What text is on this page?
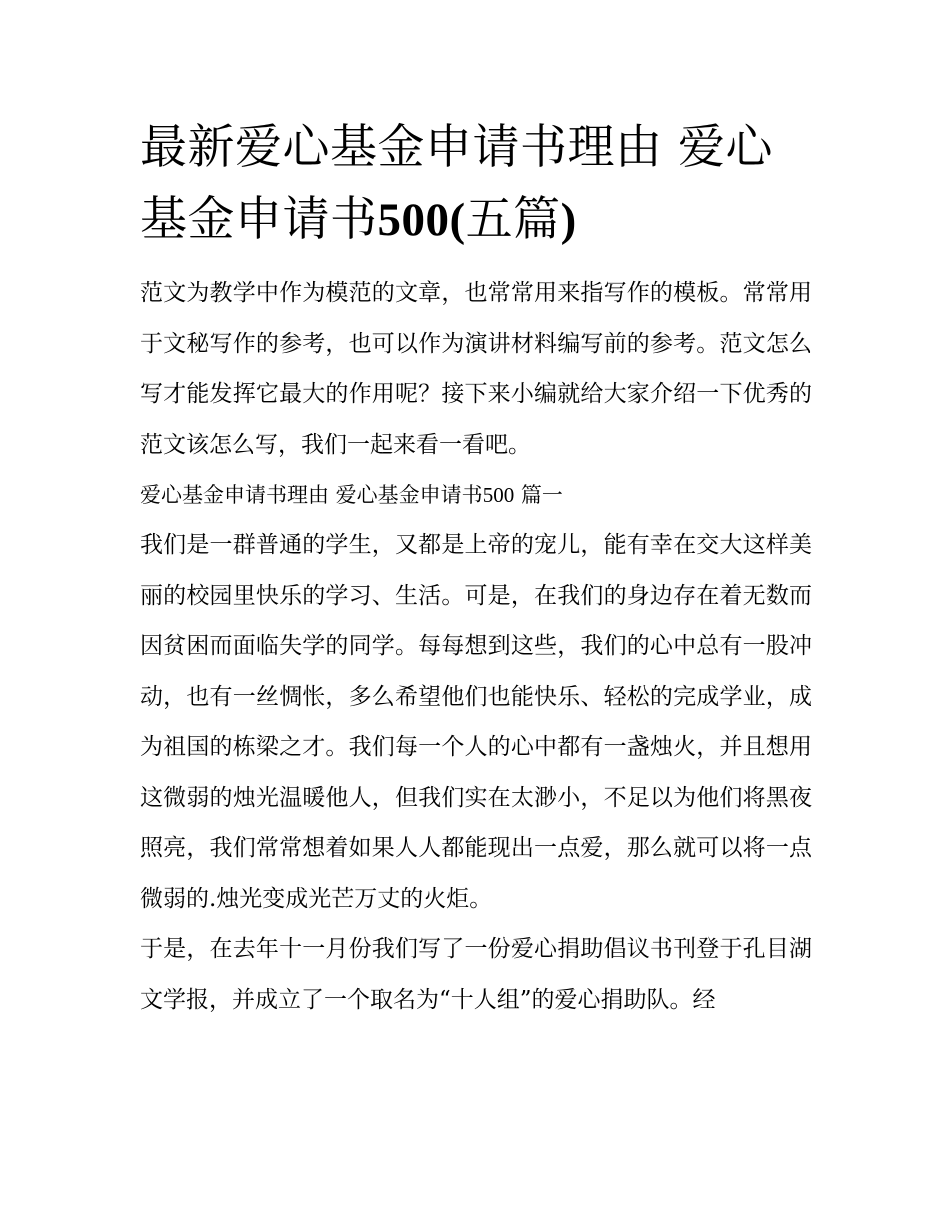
最新爱心基金申请书理由 爱心基金申请书500(五篇)

范文为教学中作为模范的文章，也常常用来指写作的模板。常常用于文秘写作的参考，也可以作为演讲材料编写前的参考。范文怎么写才能发挥它最大的作用呢？接下来小编就给大家介绍一下优秀的范文该怎么写，我们一起来看一看吧。

爱心基金申请书理由 爱心基金申请书500 篇一

我们是一群普通的学生，又都是上帝的宠儿，能有幸在交大这样美丽的校园里快乐的学习、生活。可是，在我们的身边存在着无数而因贫困而面临失学的同学。每每想到这些，我们的心中总有一股冲动，也有一丝惆怅，多么希望他们也能快乐、轻松的完成学业，成为祖国的栋梁之才。我们每一个人的心中都有一盏烛火，并且想用这微弱的烛光温暖他人，但我们实在太渺小，不足以为他们将黑夜照亮，我们常常想着如果人人都能现出一点爱，那么就可以将一点微弱的.烛光变成光芒万丈的火炬。

于是，在去年十一月份我们写了一份爱心捐助倡议书刊登于孔目湖文学报，并成立了一个取名为“十人组”的爱心捐助队。经
